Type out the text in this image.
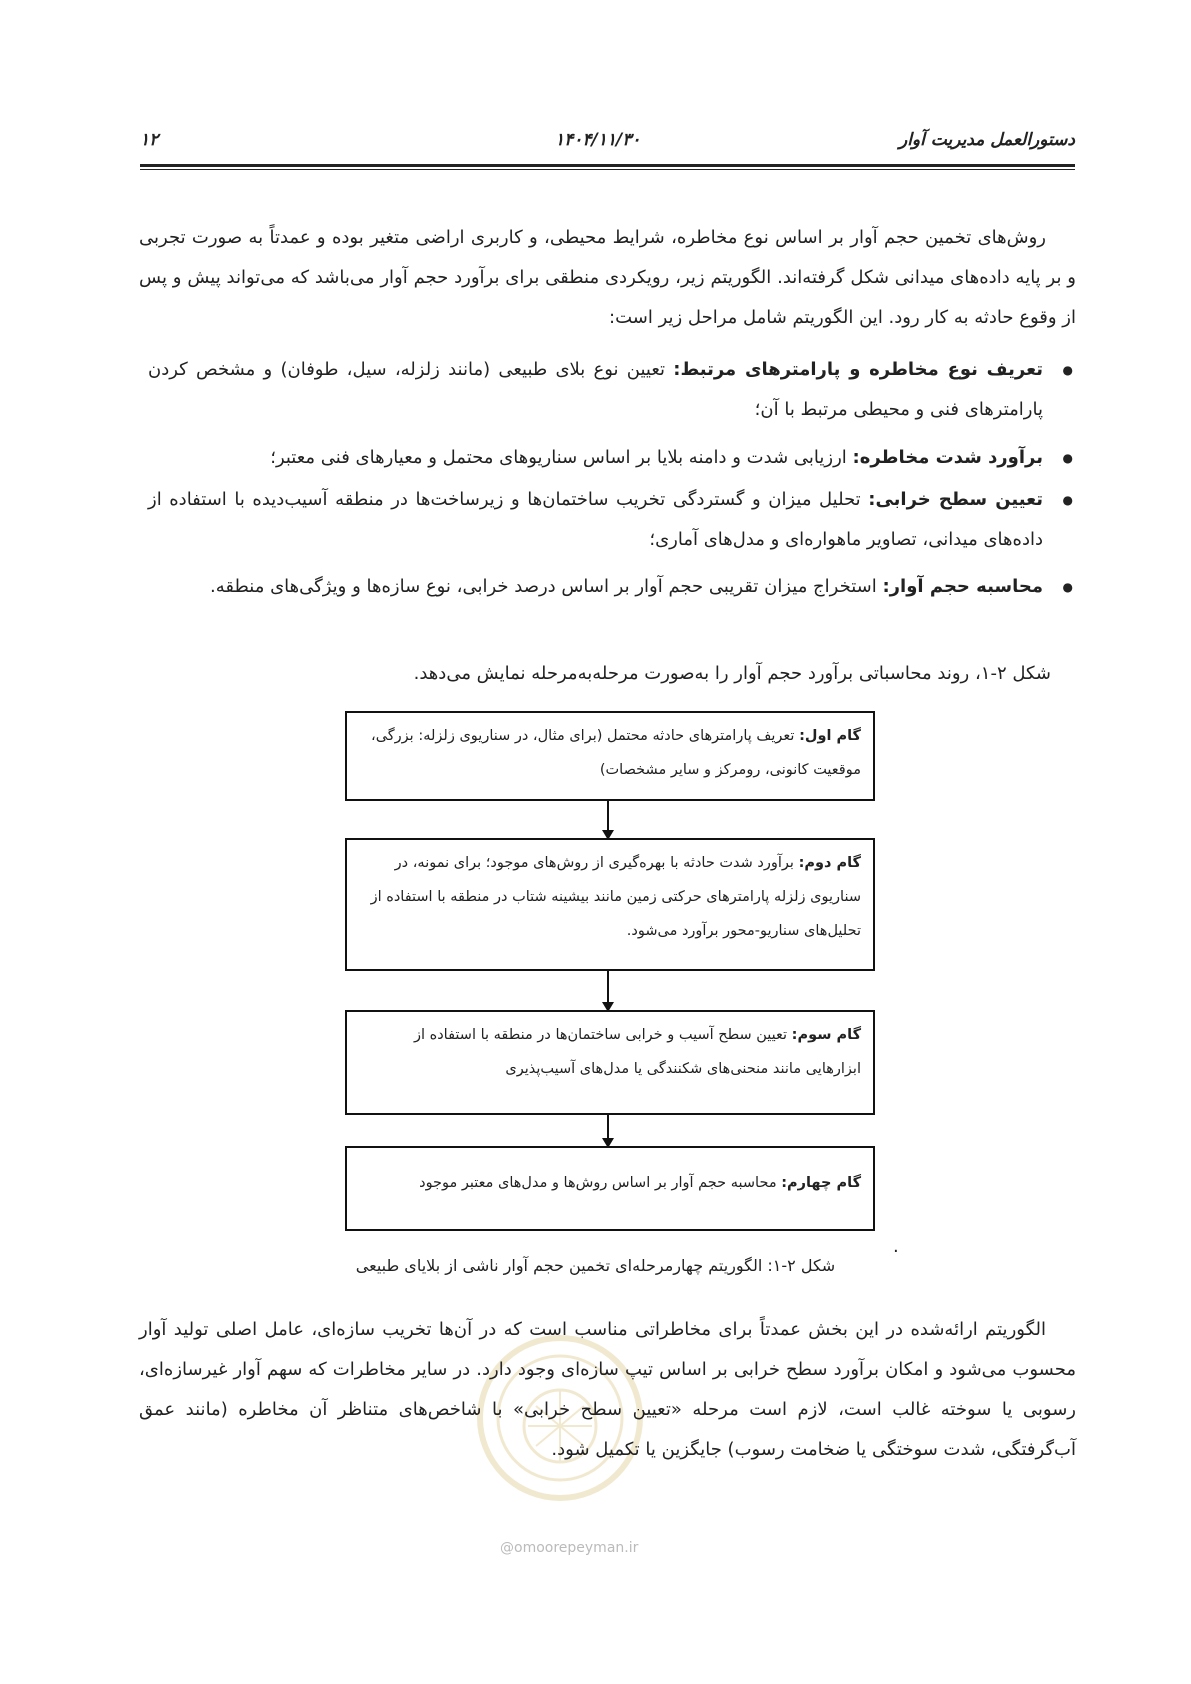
دستورالعمل مدیریت آوار
۱۴۰۴/۱۱/۳۰
۱۲
روش‌های تخمین حجم آوار بر اساس نوع مخاطره، شرایط محیطی، و کاربری اراضی متغیر بوده و عمدتاً به صورت تجربی و بر پایه داده‌های میدانی شکل گرفته‌اند. الگوریتم زیر، رویکردی منطقی برای برآورد حجم آوار می‌باشد که می‌تواند پیش و پس از وقوع حادثه به کار رود. این الگوریتم شامل مراحل زیر است:
● تعریف نوع مخاطره و پارامترهای مرتبط: تعیین نوع بلای طبیعی (مانند زلزله، سیل، طوفان) و مشخص کردن پارامترهای فنی و محیطی مرتبط با آن؛
● برآورد شدت مخاطره: ارزیابی شدت و دامنه بلایا بر اساس سناریوهای محتمل و معیارهای فنی معتبر؛
● تعیین سطح خرابی: تحلیل میزان و گستردگی تخریب ساختمان‌ها و زیرساخت‌ها در منطقه آسیب‌دیده با استفاده از داده‌های میدانی، تصاویر ماهواره‌ای و مدل‌های آماری؛
● محاسبه حجم آوار: استخراج میزان تقریبی حجم آوار بر اساس درصد خرابی، نوع سازه‌ها و ویژگی‌های منطقه.
شکل ۲-۱، روند محاسباتی برآورد حجم آوار را به‌صورت مرحله‌به‌مرحله نمایش می‌دهد.
گام اول: تعریف پارامترهای حادثه محتمل (برای مثال، در سناریوی زلزله: بزرگی، موقعیت کانونی، رومرکز و سایر مشخصات)
گام دوم: برآورد شدت حادثه با بهره‌گیری از روش‌های موجود؛ برای نمونه، در سناریوی زلزله پارامترهای حرکتی زمین مانند بیشینه شتاب در منطقه با استفاده از تحلیل‌های سناریو-محور برآورد می‌شود.
گام سوم: تعیین سطح آسیب و خرابی ساختمان‌ها در منطقه با استفاده از ابزارهایی مانند منحنی‌های شکنندگی یا مدل‌های آسیب‌پذیری
گام چهارم: محاسبه حجم آوار بر اساس روش‌ها و مدل‌های معتبر موجود
.
شکل ۲-۱: الگوریتم چهارمرحله‌ای تخمین حجم آوار ناشی از بلایای طبیعی
@omoorepeyman.ir
الگوریتم ارائه‌شده در این بخش عمدتاً برای مخاطراتی مناسب است که در آن‌ها تخریب سازه‌ای، عامل اصلی تولید آوار محسوب می‌شود و امکان برآورد سطح خرابی بر اساس تیپ سازه‌ای وجود دارد. در سایر مخاطرات که سهم آوار غیرسازه‌ای، رسوبی یا سوخته غالب است، لازم است مرحله «تعیین سطح خرابی» با شاخص‌های متناظر آن مخاطره (مانند عمق آب‌گرفتگی، شدت سوختگی یا ضخامت رسوب) جایگزین یا تکمیل شود.
